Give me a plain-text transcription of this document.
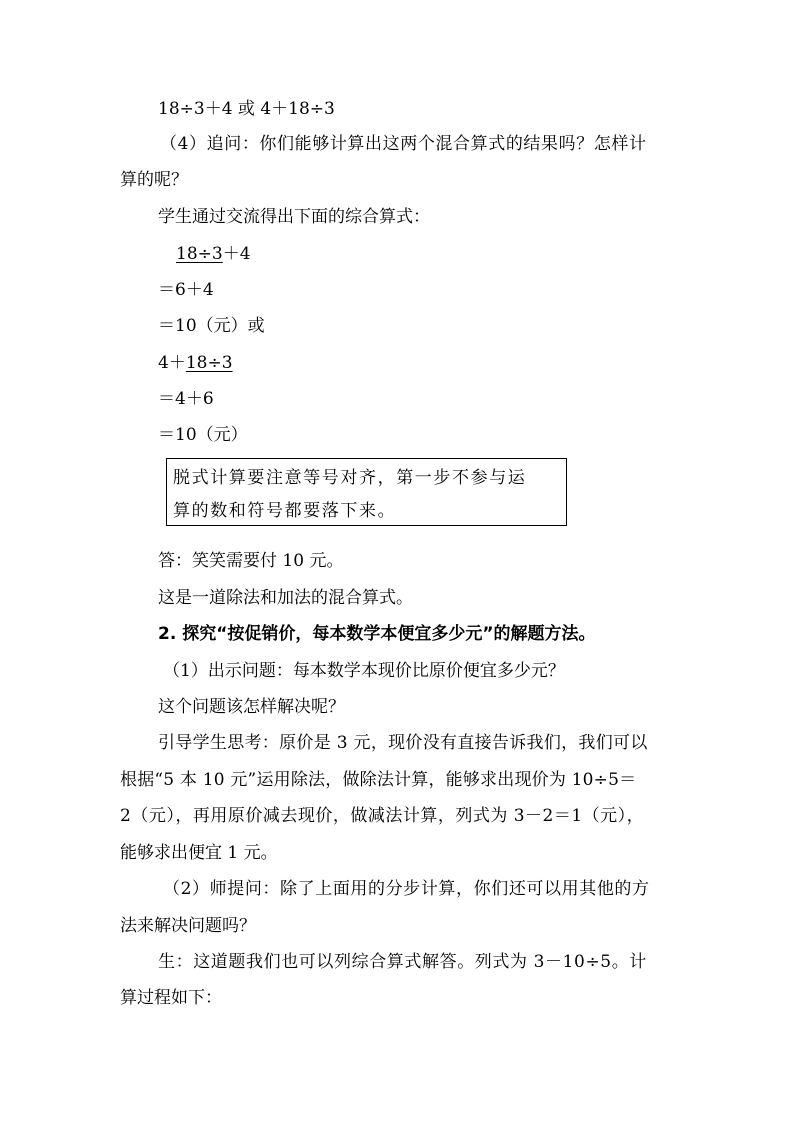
18÷3＋4 或 4＋18÷3
（4）追问：你们能够计算出这两个混合算式的结果吗？怎样计
算的呢？
学生通过交流得出下面的综合算式：
18÷3＋4
＝6＋4
＝10（元）或
4＋18÷3
＝4＋6
＝10（元）
脱式计算要注意等号对齐，第一步不参与运
算的数和符号都要落下来。
答：笑笑需要付 10 元。
这是一道除法和加法的混合算式。
2. 探究“按促销价，每本数学本便宜多少元”的解题方法。
（1）出示问题：每本数学本现价比原价便宜多少元？
这个问题该怎样解决呢？
引导学生思考：原价是 3 元，现价没有直接告诉我们，我们可以
根据“5 本 10 元”运用除法，做除法计算，能够求出现价为 10÷5＝
2（元），再用原价减去现价，做减法计算，列式为 3－2＝1（元），
能够求出便宜 1 元。
（2）师提问：除了上面用的分步计算，你们还可以用其他的方
法来解决问题吗？
生：这道题我们也可以列综合算式解答。列式为 3－10÷5。计
算过程如下：
